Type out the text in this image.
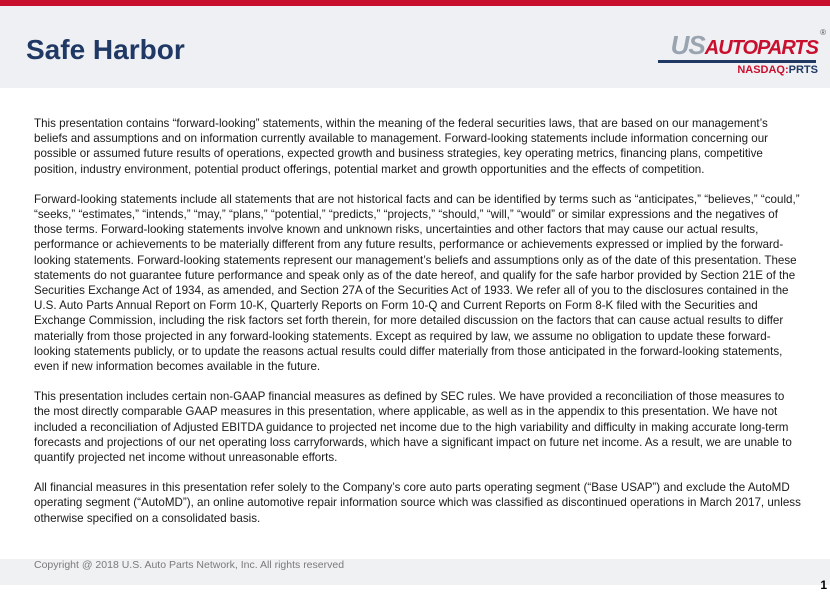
Safe Harbor	USAUTOPARTS
®
NASDAQ:PRTS

This presentation contains “forward-looking” statements, within the meaning of the federal securities laws, that are based on our management’s beliefs and assumptions and on information currently available to management. Forward-looking statements include information concerning our possible or assumed future results of operations, expected growth and business strategies, key operating metrics, financing plans, competitive position, industry environment, potential product offerings, potential market and growth opportunities and the effects of competition.

Forward-looking statements include all statements that are not historical facts and can be identified by terms such as “anticipates,” “believes,” “could,” “seeks,” “estimates,” “intends,” “may,” “plans,” “potential,” “predicts,” “projects,” “should,” “will,” “would” or similar expressions and the negatives of those terms. Forward-looking statements involve known and unknown risks, uncertainties and other factors that may cause our actual results, performance or achievements to be materially different from any future results, performance or achievements expressed or implied by the forward-looking statements. Forward-looking statements represent our management’s beliefs and assumptions only as of the date of this presentation. These statements do not guarantee future performance and speak only as of the date hereof, and qualify for the safe harbor provided by Section 21E of the Securities Exchange Act of 1934, as amended, and Section 27A of the Securities Act of 1933. We refer all of you to the disclosures contained in the U.S. Auto Parts Annual Report on Form 10-K, Quarterly Reports on Form 10-Q and Current Reports on Form 8-K filed with the Securities and Exchange Commission, including the risk factors set forth therein, for more detailed discussion on the factors that can cause actual results to differ materially from those projected in any forward-looking statements. Except as required by law, we assume no obligation to update these forward-looking statements publicly, or to update the reasons actual results could differ materially from those anticipated in the forward-looking statements, even if new information becomes available in the future.

This presentation includes certain non-GAAP financial measures as defined by SEC rules. We have provided a reconciliation of those measures to the most directly comparable GAAP measures in this presentation, where applicable, as well as in the appendix to this presentation. We have not included a reconciliation of Adjusted EBITDA guidance to projected net income due to the high variability and difficulty in making accurate long-term forecasts and projections of our net operating loss carryforwards, which have a significant impact on future net income. As a result, we are unable to quantify projected net income without unreasonable efforts.

All financial measures in this presentation refer solely to the Company’s core auto parts operating segment (“Base USAP”) and exclude the AutoMD operating segment (“AutoMD”), an online automotive repair information source which was classified as discontinued operations in March 2017, unless otherwise specified on a consolidated basis.

Copyright @ 2018 U.S. Auto Parts Network, Inc. All rights reserved
1
